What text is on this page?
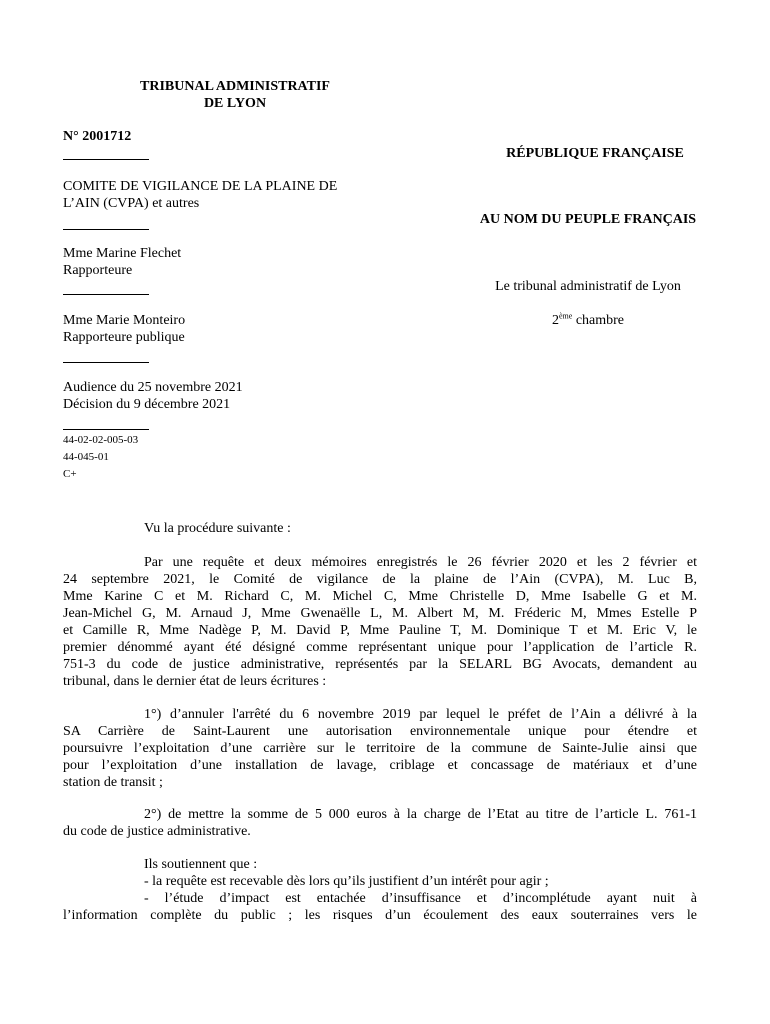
TRIBUNAL ADMINISTRATIF
DE LYON
N° 2001712
COMITE DE VIGILANCE DE LA PLAINE DE
L’AIN (CVPA) et autres
Mme Marine Flechet
Rapporteure
Mme Marie Monteiro
Rapporteure publique
Audience du 25 novembre 2021
Décision du 9 décembre 2021
44-02-02-005-03
44-045-01
C+
RÉPUBLIQUE FRANÇAISE
AU NOM DU PEUPLE FRANÇAIS
Le tribunal administratif de Lyon
2ème chambre

Vu la procédure suivante :

Par une requête et deux mémoires enregistrés le 26 février 2020 et les 2 février et
24 septembre 2021, le Comité de vigilance de la plaine de l’Ain (CVPA), M. Luc B,
Mme Karine C et M. Richard C, M. Michel C, Mme Christelle D, Mme Isabelle G et M.
Jean-Michel G, M. Arnaud J, Mme Gwenaëlle L, M. Albert M, M. Fréderic M, Mmes Estelle P
et Camille R, Mme Nadège P, M. David P, Mme Pauline T, M. Dominique T et M. Eric V, le
premier dénommé ayant été désigné comme représentant unique pour l’application de l’article R.
751-3 du code de justice administrative, représentés par la SELARL BG Avocats, demandent au
tribunal, dans le dernier état de leurs écritures :
1°) d’annuler l'arrêté du 6 novembre 2019 par lequel le préfet de l’Ain a délivré à la
SA Carrière de Saint-Laurent une autorisation environnementale unique pour étendre et
poursuivre l’exploitation d’une carrière sur le territoire de la commune de Sainte-Julie ainsi que
pour l’exploitation d’une installation de lavage, criblage et concassage de matériaux et d’une
station de transit ;
2°) de mettre la somme de 5 000 euros à la charge de l’Etat au titre de l’article L. 761-1
du code de justice administrative.
Ils soutiennent que :
- la requête est recevable dès lors qu’ils justifient d’un intérêt pour agir ;
- l’étude d’impact est entachée d’insuffisance et d’incomplétude ayant nuit à
l’information complète du public ; les risques d’un écoulement des eaux souterraines vers le
